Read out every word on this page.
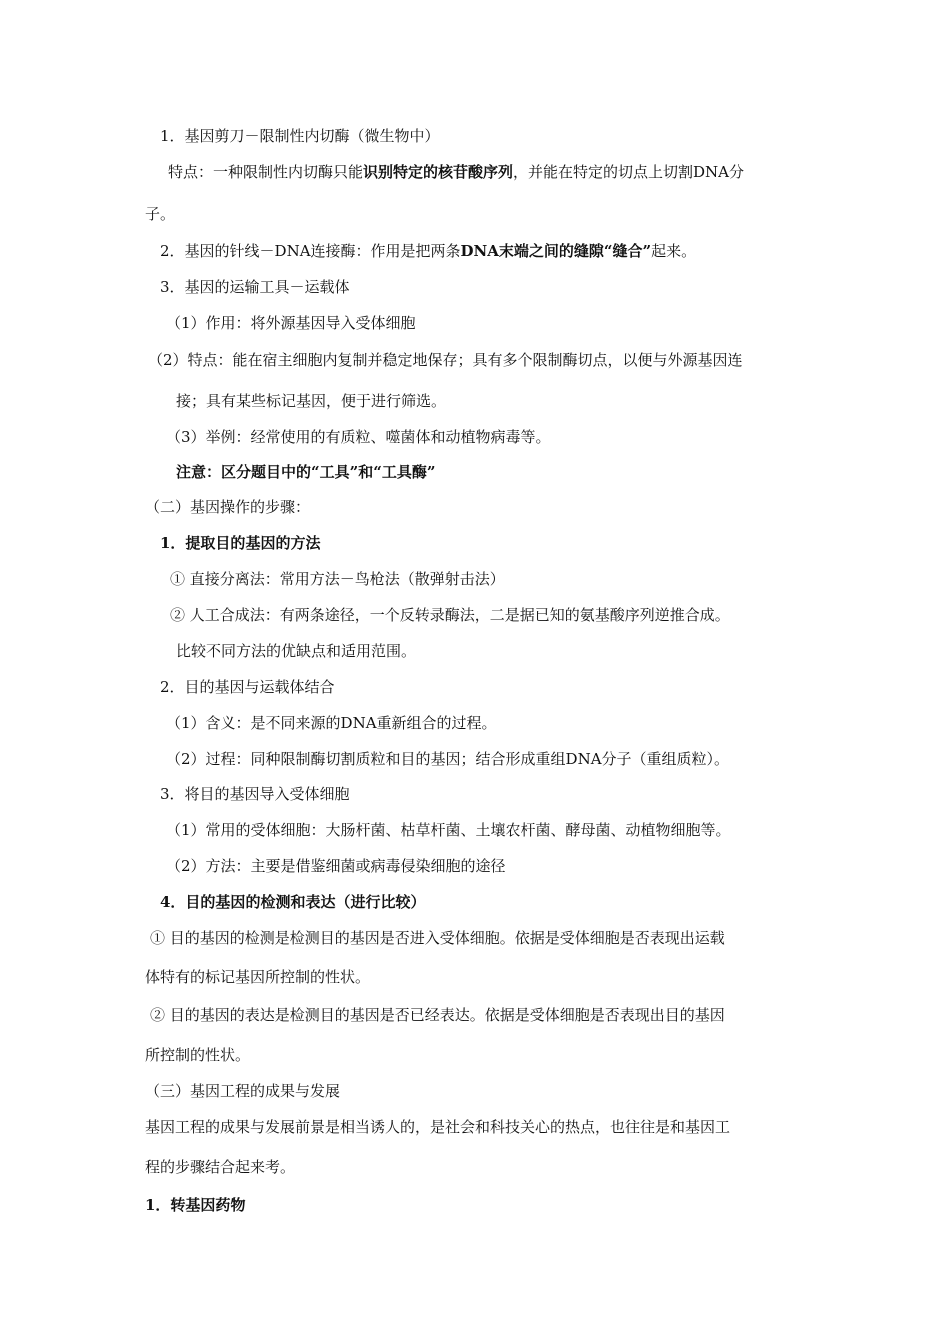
1．基因剪刀－限制性内切酶（微生物中）
特点：一种限制性内切酶只能识别特定的核苷酸序列，并能在特定的切点上切割DNA分
子。
2．基因的针线－DNA连接酶：作用是把两条DNA末端之间的缝隙“缝合”起来。
3．基因的运输工具－运载体
（1）作用：将外源基因导入受体细胞
（2）特点：能在宿主细胞内复制并稳定地保存；具有多个限制酶切点，以便与外源基因连
接；具有某些标记基因，便于进行筛选。
（3）举例：经常使用的有质粒、噬菌体和动植物病毒等。
注意：区分题目中的“工具”和“工具酶”
（二）基因操作的步骤：
1．提取目的基因的方法
① 直接分离法：常用方法－鸟枪法（散弹射击法）
② 人工合成法：有两条途径，一个反转录酶法，二是据已知的氨基酸序列逆推合成。
比较不同方法的优缺点和适用范围。
2．目的基因与运载体结合
（1）含义：是不同来源的DNA重新组合的过程。
（2）过程：同种限制酶切割质粒和目的基因；结合形成重组DNA分子（重组质粒）。
3．将目的基因导入受体细胞
（1）常用的受体细胞：大肠杆菌、枯草杆菌、土壤农杆菌、酵母菌、动植物细胞等。
（2）方法：主要是借鉴细菌或病毒侵染细胞的途径
4．目的基因的检测和表达（进行比较）
① 目的基因的检测是检测目的基因是否进入受体细胞。依据是受体细胞是否表现出运载
体特有的标记基因所控制的性状。
② 目的基因的表达是检测目的基因是否已经表达。依据是受体细胞是否表现出目的基因
所控制的性状。
（三）基因工程的成果与发展
基因工程的成果与发展前景是相当诱人的，是社会和科技关心的热点，也往往是和基因工
程的步骤结合起来考。
1．转基因药物
